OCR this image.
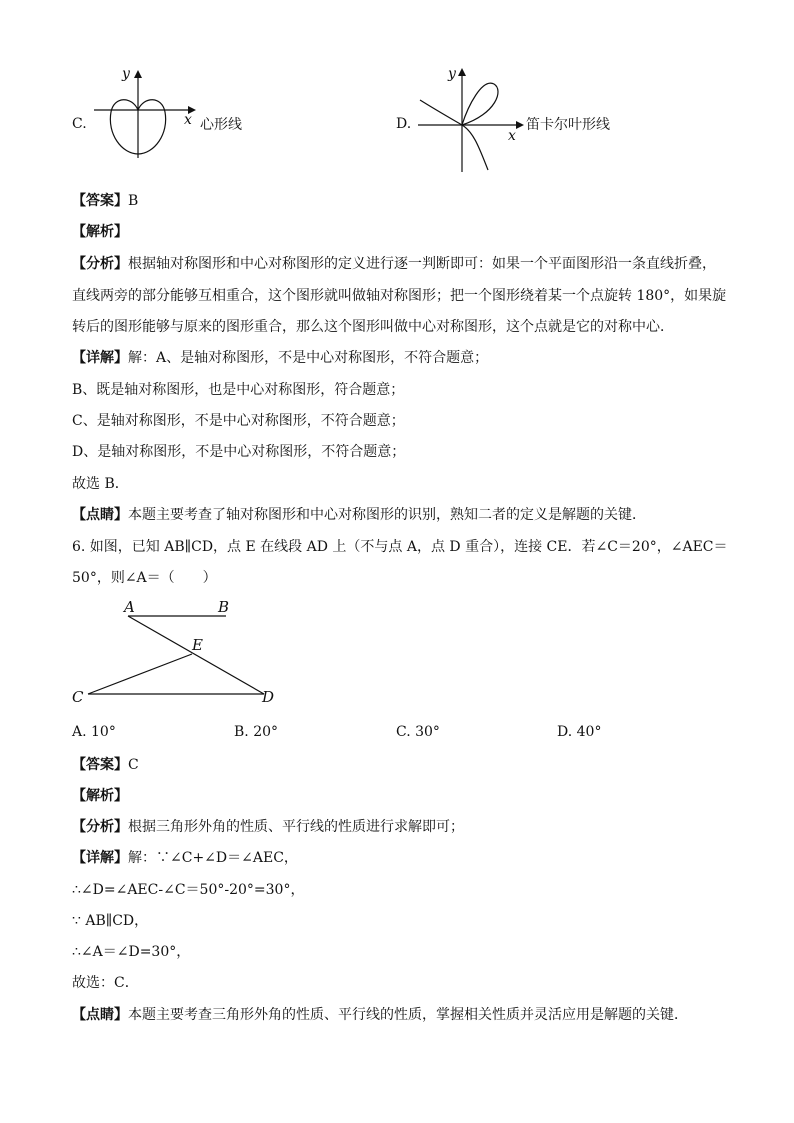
C.
y
x 心形线	D.
y
x
笛卡尔叶形线
【答案】B
【解析】
【分析】根据轴对称图形和中心对称图形的定义进行逐一判断即可：如果一个平面图形沿一条直线折叠，
直线两旁的部分能够互相重合，这个图形就叫做轴对称图形；把一个图形绕着某一个点旋转 180°，如果旋
转后的图形能够与原来的图形重合，那么这个图形叫做中心对称图形，这个点就是它的对称中心．
【详解】解：A、是轴对称图形，不是中心对称图形，不符合题意；
B、既是轴对称图形，也是中心对称图形，符合题意；
C、是轴对称图形，不是中心对称图形，不符合题意；
D、是轴对称图形，不是中心对称图形，不符合题意；
故选 B．
【点睛】本题主要考查了轴对称图形和中心对称图形的识别，熟知二者的定义是解题的关键．
6. 如图，已知 AB∥CD，点 E 在线段 AD 上（不与点 A，点 D 重合），连接 CE．若∠C＝20°，∠AEC＝
50°，则∠A＝（　　）
A	B
E
C	D
A. 10°	B. 20°	C. 30°	D. 40°
【答案】C
【解析】
【分析】根据三角形外角的性质、平行线的性质进行求解即可；
【详解】解：∵∠C+∠D＝∠AEC，
∴∠D=∠AEC-∠C＝50°-20°=30°，
∵ AB∥CD，
∴∠A＝∠D=30°，
故选：C．
【点睛】本题主要考查三角形外角的性质、平行线的性质，掌握相关性质并灵活应用是解题的关键．
